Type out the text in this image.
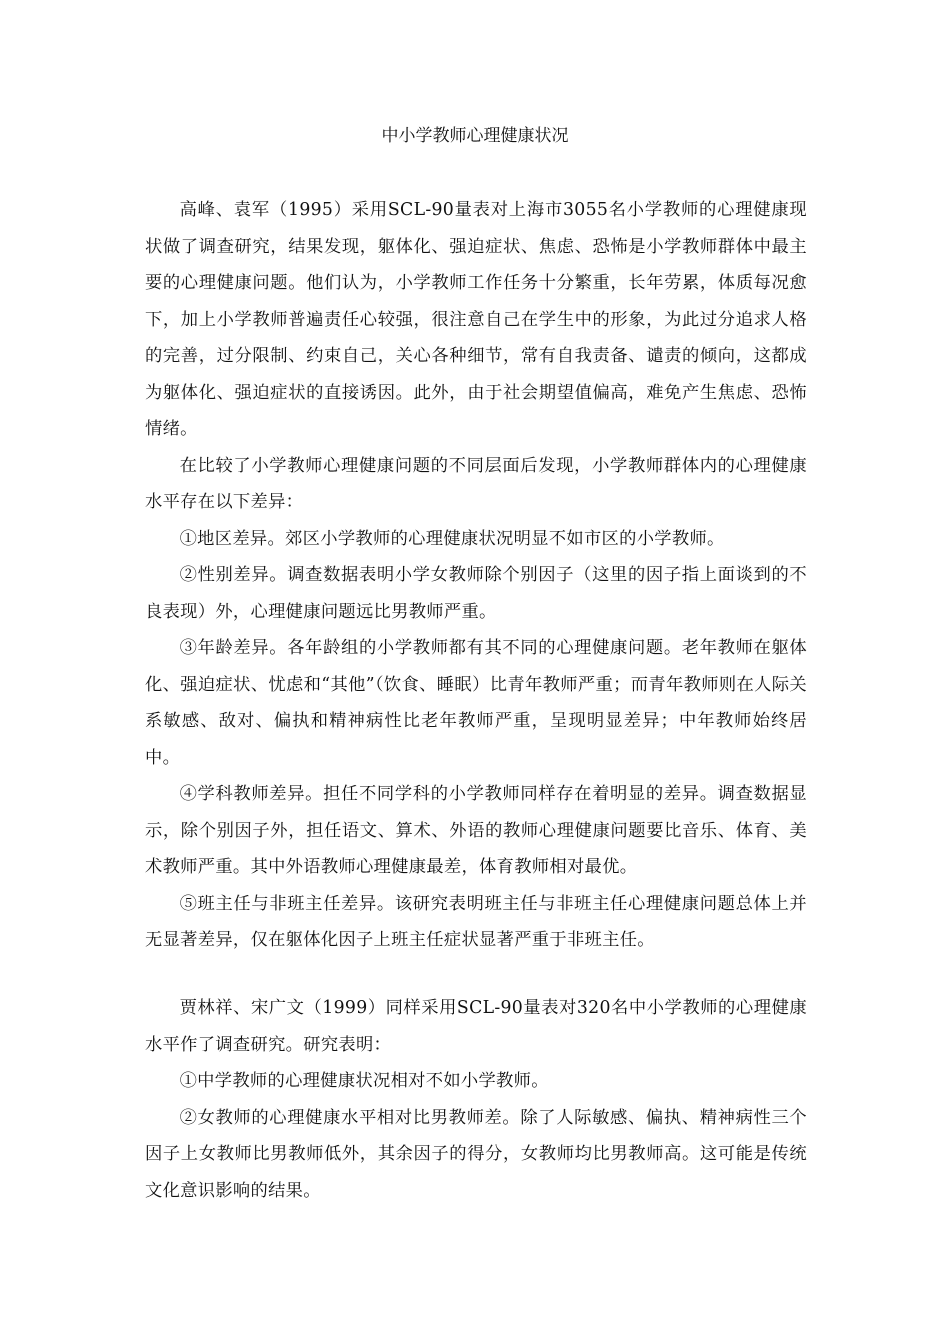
中小学教师心理健康状况

高峰、袁军（1995）采用SCL-90量表对上海市3055名小学教师的心理健康现状做了调查研究，结果发现，躯体化、强迫症状、焦虑、恐怖是小学教师群体中最主要的心理健康问题。他们认为，小学教师工作任务十分繁重，长年劳累，体质每况愈下，加上小学教师普遍责任心较强，很注意自己在学生中的形象，为此过分追求人格的完善，过分限制、约束自己，关心各种细节，常有自我责备、谴责的倾向，这都成为躯体化、强迫症状的直接诱因。此外，由于社会期望值偏高，难免产生焦虑、恐怖情绪。

在比较了小学教师心理健康问题的不同层面后发现，小学教师群体内的心理健康水平存在以下差异：

①地区差异。郊区小学教师的心理健康状况明显不如市区的小学教师。

②性别差异。调查数据表明小学女教师除个别因子（这里的因子指上面谈到的不良表现）外，心理健康问题远比男教师严重。

③年龄差异。各年龄组的小学教师都有其不同的心理健康问题。老年教师在躯体化、强迫症状、忧虑和“其他”（饮食、睡眠）比青年教师严重；而青年教师则在人际关系敏感、敌对、偏执和精神病性比老年教师严重，呈现明显差异；中年教师始终居中。

④学科教师差异。担任不同学科的小学教师同样存在着明显的差异。调查数据显示，除个别因子外，担任语文、算术、外语的教师心理健康问题要比音乐、体育、美术教师严重。其中外语教师心理健康最差，体育教师相对最优。

⑤班主任与非班主任差异。该研究表明班主任与非班主任心理健康问题总体上并无显著差异，仅在躯体化因子上班主任症状显著严重于非班主任。

贾林祥、宋广文（1999）同样采用SCL-90量表对320名中小学教师的心理健康水平作了调查研究。研究表明：

①中学教师的心理健康状况相对不如小学教师。

②女教师的心理健康水平相对比男教师差。除了人际敏感、偏执、精神病性三个因子上女教师比男教师低外，其余因子的得分，女教师均比男教师高。这可能是传统文化意识影响的结果。
